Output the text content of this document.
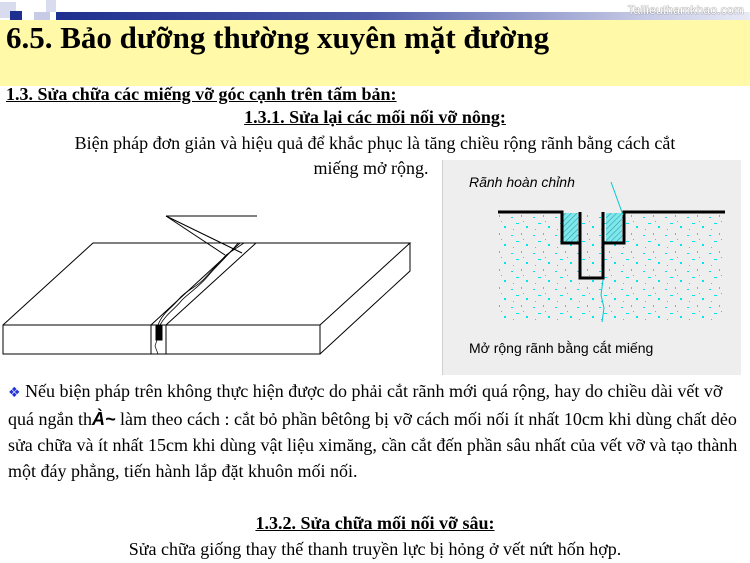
Tailieuthamkhao.com
6.5. Bảo dưỡng thường xuyên mặt đường
1.3. Sửa chữa các miếng vỡ góc cạnh trên tấm bản:
1.3.1. Sửa lại các mối nối vỡ nông:
Biện pháp đơn giản và hiệu quả để khắc phục là tăng chiều rộng rãnh bằng cách cắt
miếng mở rộng.
Rãnh hoàn chỉnh
Mở rộng rãnh bằng cắt miếng
❖ Nếu biện pháp trên không thực hiện được do phải cắt rãnh mới quá rộng, hay do chiều dài vết vỡ quá ngắn thÀ~ làm theo cách : cắt bỏ phần bêtông bị vỡ cách mối nối ít nhất 10cm khi dùng chất dẻo sửa chữa và ít nhất 15cm khi dùng vật liệu ximăng, cần cắt đến phần sâu nhất của vết vỡ và tạo thành một đáy phẳng, tiến hành lắp đặt khuôn mối nối.
1.3.2. Sửa chữa mối nối vỡ sâu:
Sửa chữa giống thay thế thanh truyền lực bị hỏng ở vết nứt hốn hợp.
